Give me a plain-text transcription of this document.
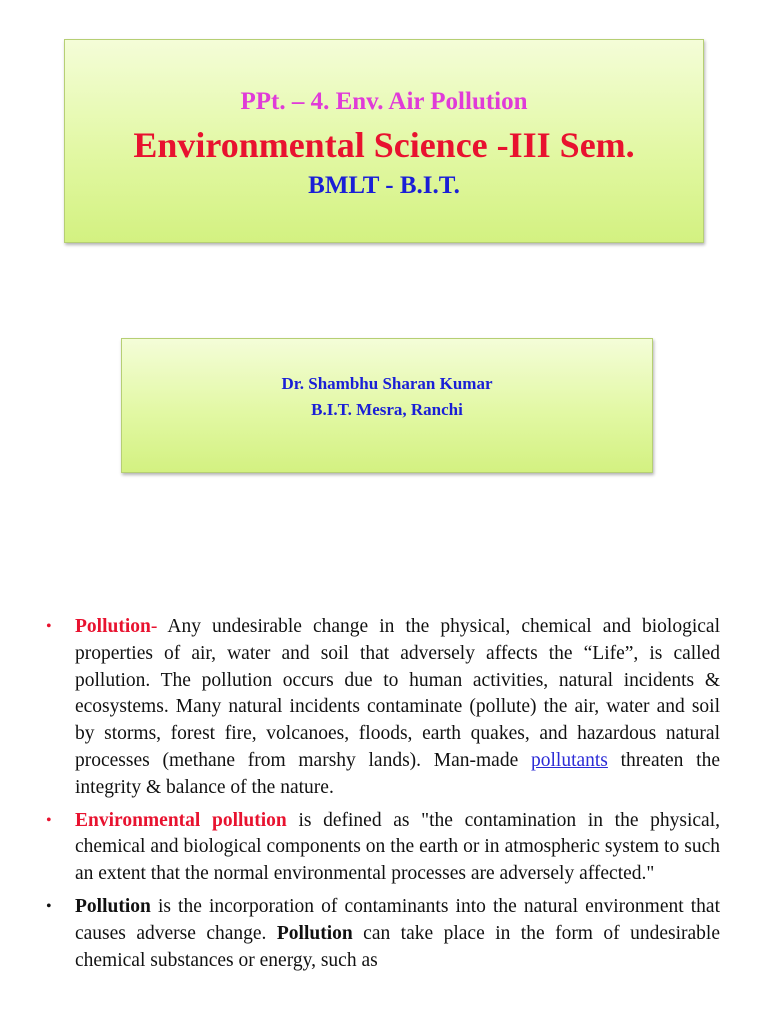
PPt. – 4. Env. Air Pollution
Environmental Science -III Sem.
BMLT - B.I.T.
Dr. Shambhu Sharan Kumar
B.I.T. Mesra, Ranchi
•	Pollution- Any undesirable change in the physical, chemical and biological properties of air, water and soil that adversely affects the “Life”, is called pollution. The pollution occurs due to human activities, natural incidents & ecosystems. Many natural incidents contaminate (pollute) the air, water and soil by storms, forest fire, volcanoes, floods, earth quakes, and hazardous natural processes (methane from marshy lands). Man-made pollutants threaten the integrity & balance of the nature.
•	Environmental pollution is defined as "the contamination in the physical, chemical and biological components on the earth or in atmospheric system to such an extent that the normal environmental processes are adversely affected."
•	Pollution is the incorporation of contaminants into the natural environment that causes adverse change. Pollution can take place in the form of undesirable chemical substances or energy, such as
